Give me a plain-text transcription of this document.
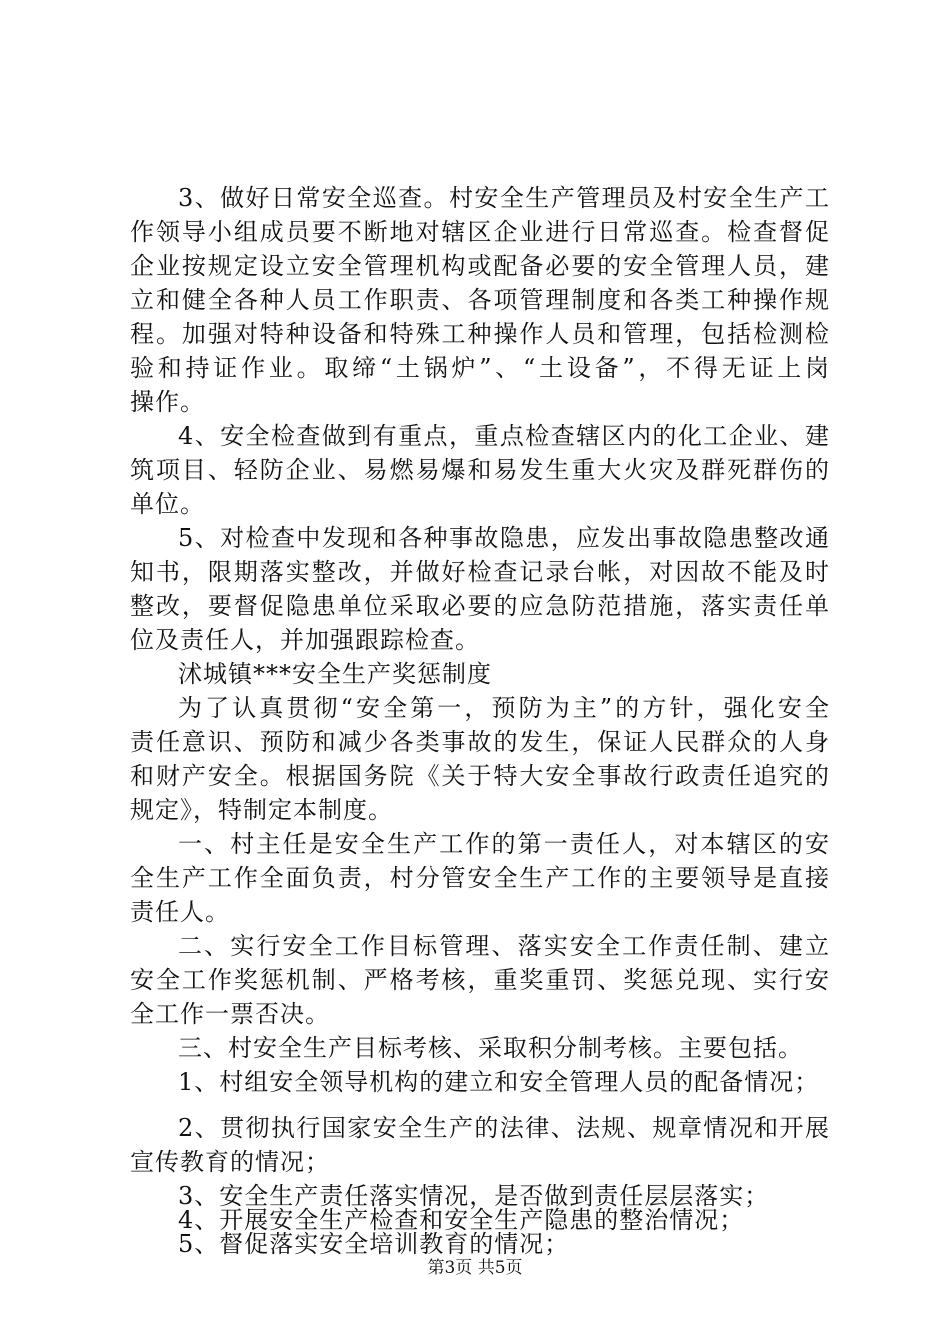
3、做好日常安全巡查。村安全生产管理员及村安全生产工
作领导小组成员要不断地对辖区企业进行日常巡查。检查督促
企业按规定设立安全管理机构或配备必要的安全管理人员，建
立和健全各种人员工作职责、各项管理制度和各类工种操作规
程。加强对特种设备和特殊工种操作人员和管理，包括检测检
验和持证作业。取缔“土锅炉”、“土设备”，不得无证上岗
操作。
4、安全检查做到有重点，重点检查辖区内的化工企业、建
筑项目、轻防企业、易燃易爆和易发生重大火灾及群死群伤的
单位。
5、对检查中发现和各种事故隐患，应发出事故隐患整改通
知书，限期落实整改，并做好检查记录台帐，对因故不能及时
整改，要督促隐患单位采取必要的应急防范措施，落实责任单
位及责任人，并加强跟踪检查。
沭城镇***安全生产奖惩制度
为了认真贯彻“安全第一，预防为主”的方针，强化安全
责任意识、预防和减少各类事故的发生，保证人民群众的人身
和财产安全。根据国务院《关于特大安全事故行政责任追究的
规定》，特制定本制度。
一、村主任是安全生产工作的第一责任人，对本辖区的安
全生产工作全面负责，村分管安全生产工作的主要领导是直接
责任人。
二、实行安全工作目标管理、落实安全工作责任制、建立
安全工作奖惩机制、严格考核，重奖重罚、奖惩兑现、实行安
全工作一票否决。
三、村安全生产目标考核、采取积分制考核。主要包括。
1、村组安全领导机构的建立和安全管理人员的配备情况；
2、贯彻执行国家安全生产的法律、法规、规章情况和开展
宣传教育的情况；
3、安全生产责任落实情况，是否做到责任层层落实；
4、开展安全生产检查和安全生产隐患的整治情况；
5、督促落实安全培训教育的情况；
第3页 共5页
